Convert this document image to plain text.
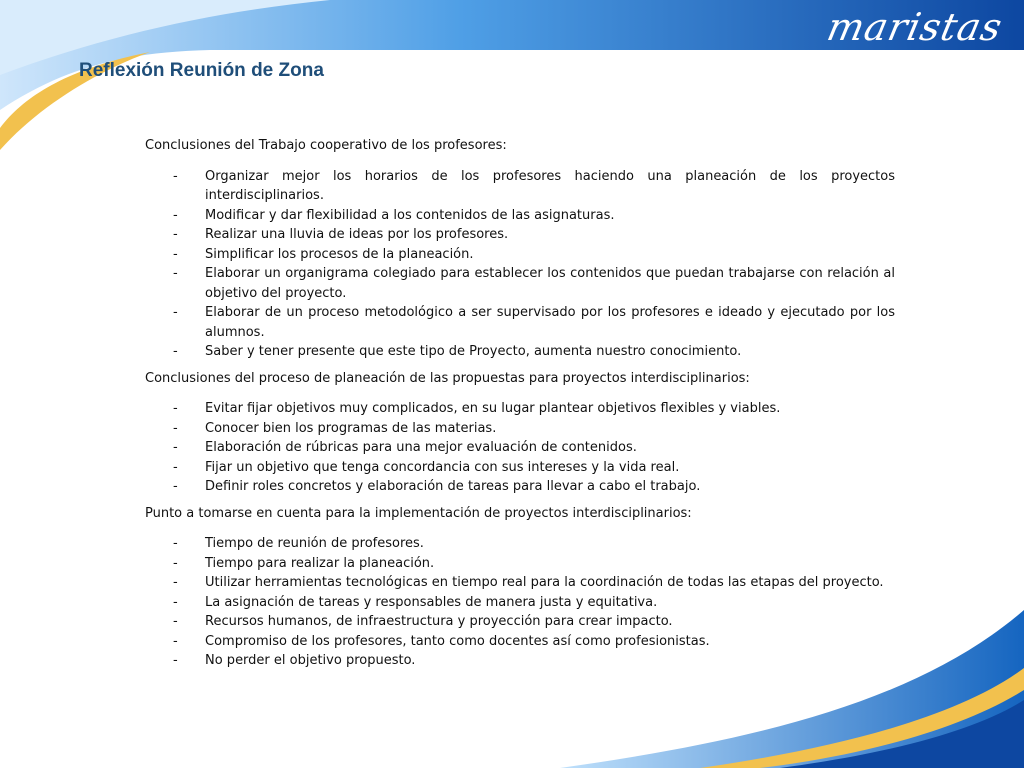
maristas
Reflexión Reunión de Zona
Conclusiones del Trabajo cooperativo de los profesores:
- Organizar mejor los horarios de los profesores haciendo una planeación de los proyectos interdisciplinarios.
- Modificar y dar flexibilidad a los contenidos de las asignaturas.
- Realizar una lluvia de ideas por los profesores.
- Simplificar los procesos de la planeación.
- Elaborar un organigrama colegiado para establecer los contenidos que puedan trabajarse con relación al objetivo del proyecto.
- Elaborar de un proceso metodológico a ser supervisado por los profesores e ideado y ejecutado por los alumnos.
- Saber y tener presente que este tipo de Proyecto, aumenta nuestro conocimiento.
Conclusiones del proceso de planeación de las propuestas para proyectos interdisciplinarios:
- Evitar fijar objetivos muy complicados, en su lugar plantear objetivos flexibles y viables.
- Conocer bien los programas de las materias.
- Elaboración de rúbricas para una mejor evaluación de contenidos.
- Fijar un objetivo que tenga concordancia con sus intereses y la vida real.
- Definir roles concretos y elaboración de tareas para llevar a cabo el trabajo.
Punto a tomarse en cuenta para la implementación de proyectos interdisciplinarios:
- Tiempo de reunión de profesores.
- Tiempo para realizar la planeación.
- Utilizar herramientas tecnológicas en tiempo real para la coordinación de todas las etapas del proyecto.
- La asignación de tareas y responsables de manera justa y equitativa.
- Recursos humanos, de infraestructura y proyección para crear impacto.
- Compromiso de los profesores, tanto como docentes así como profesionistas.
- No perder el objetivo propuesto.
